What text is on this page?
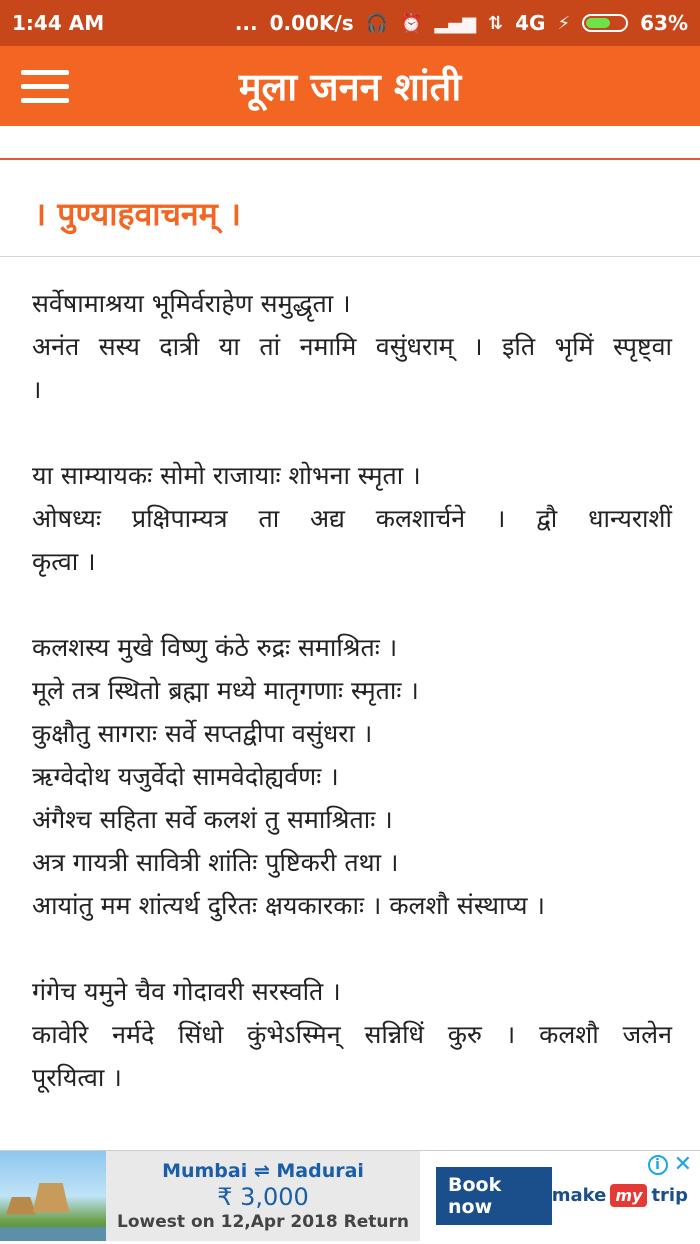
1:44 AM	... 0.00K/s 🎧 ⏰ ▂▄▆ ⇅ 4G ⚡	63%
मूला जनन शांती
। पुण्याहवाचनम् ।
सर्वेषामाश्रया भूमिर्वराहेण समुद्धृता ।
अनंत सस्य दात्री या तां नमामि वसुंधराम् । इति भृमिं स्पृष्ट्वा
।
या साम्यायकः सोमो राजायाः शोभना स्मृता ।
ओषध्यः प्रक्षिपाम्यत्र ता अद्य कलशार्चने । द्वौ धान्यराशीं
कृत्वा ।
कलशस्य मुखे विष्णु कंठे रुद्रः समाश्रितः ।
मूले तत्र स्थितो ब्रह्मा मध्ये मातृगणाः स्मृताः ।
कुक्षौतु सागराः सर्वे सप्तद्वीपा वसुंधरा ।
ऋग्वेदोथ यजुर्वेदो सामवेदोह्यर्वणः ।
अंगैश्च सहिता सर्वे कलशं तु समाश्रिताः ।
अत्र गायत्री सावित्री शांतिः पुष्टिकरी तथा ।
आयांतु मम शांत्यर्थ दुरितः क्षयकारकाः । कलशौ संस्थाप्य ।
गंगेच यमुने चैव गोदावरी सरस्वति ।
कावेरि नर्मदे सिंधो कुंभेऽस्मिन् सन्निधिं कुरु । कलशौ जलेन
पूरयित्वा ।
Mumbai ⇌ Madurai
₹ 3,000
Lowest on 12,Apr 2018 Return
Book now	make my trip
i ✕
